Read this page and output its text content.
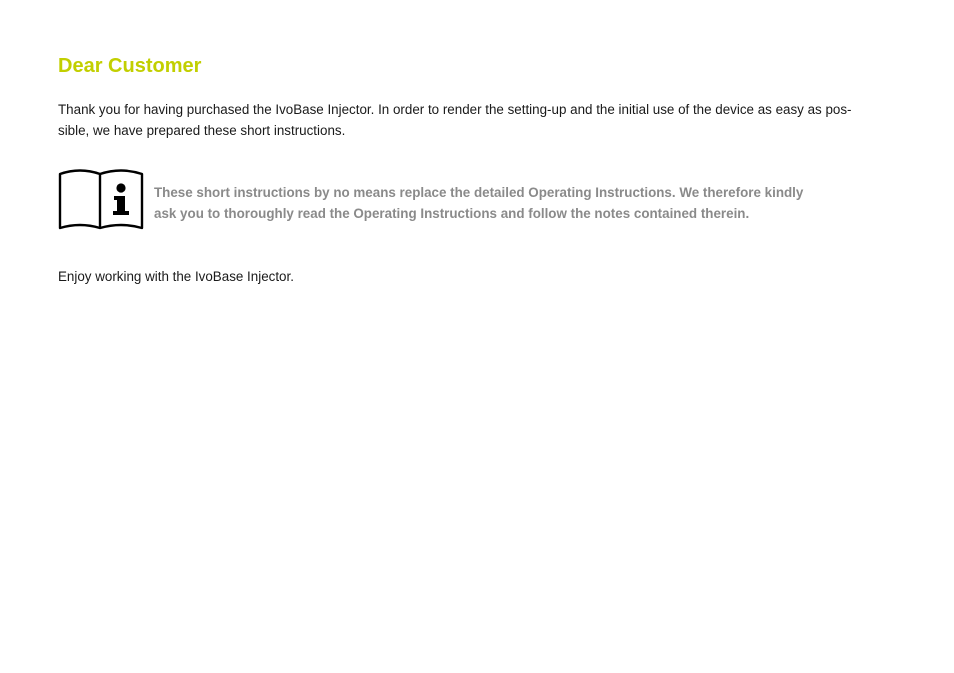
Dear Customer

Thank you for having purchased the IvoBase Injector. In order to render the setting-up and the initial use of the device as easy as pos-
sible, we have prepared these short instructions.

These short instructions by no means replace the detailed Operating Instructions. We therefore kindly
ask you to thoroughly read the Operating Instructions and follow the notes contained therein.

Enjoy working with the IvoBase Injector.
